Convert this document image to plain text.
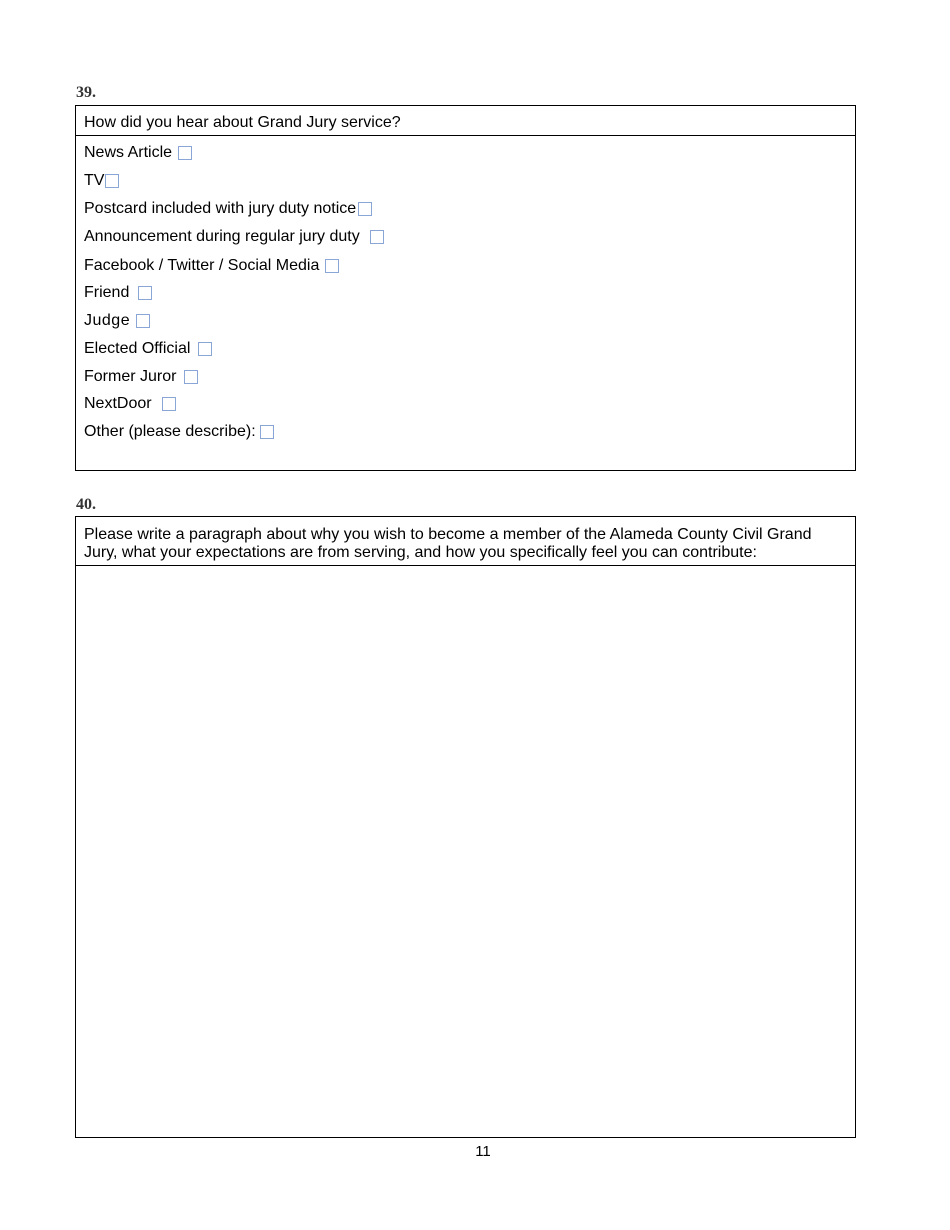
39.
How did you hear about Grand Jury service?
News Article
TV
Postcard included with jury duty notice
Announcement during regular jury duty
Facebook / Twitter / Social Media
Friend
Judge
Elected Official
Former Juror
NextDoor
Other (please describe):
40.
Please write a paragraph about why you wish to become a member of the Alameda County Civil Grand Jury, what your expectations are from serving, and how you specifically feel you can contribute:
11
